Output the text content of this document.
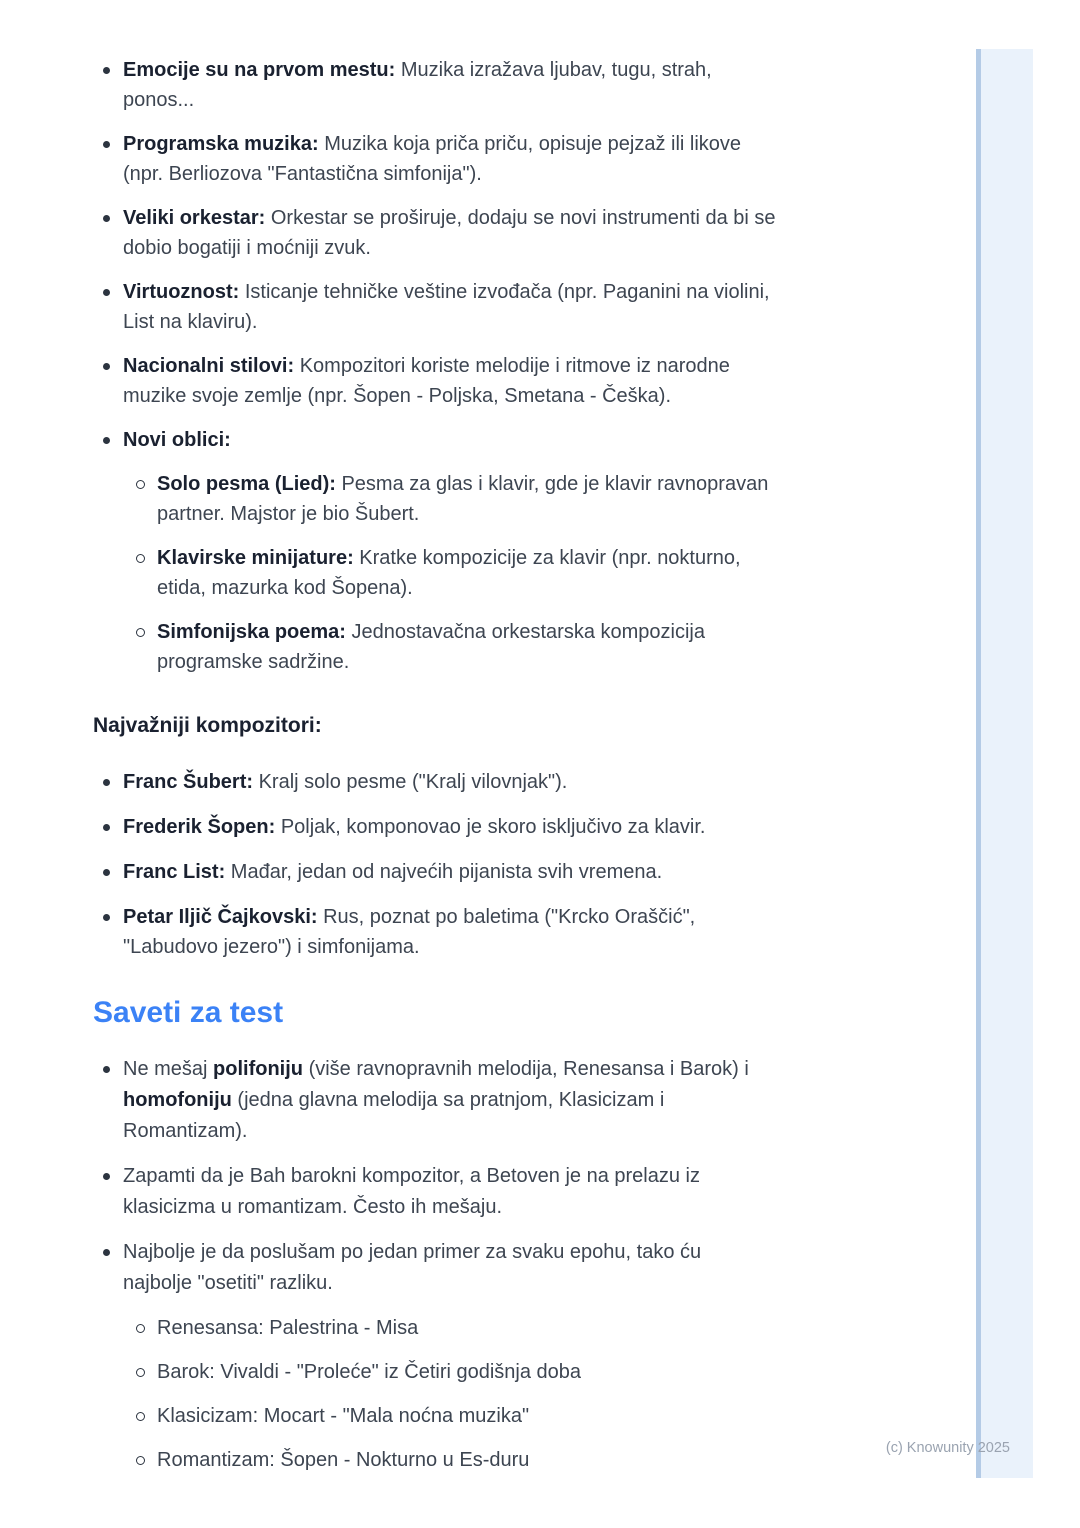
Emocije su na prvom mestu: Muzika izražava ljubav, tugu, strah,
ponos...
Programska muzika: Muzika koja priča priču, opisuje pejzaž ili likove
(npr. Berliozova "Fantastična simfonija").
Veliki orkestar: Orkestar se proširuje, dodaju se novi instrumenti da bi se
dobio bogatiji i moćniji zvuk.
Virtuoznost: Isticanje tehničke veštine izvođača (npr. Paganini na violini,
List na klaviru).
Nacionalni stilovi: Kompozitori koriste melodije i ritmove iz narodne
muzike svoje zemlje (npr. Šopen - Poljska, Smetana - Češka).
Novi oblici:
Solo pesma (Lied): Pesma za glas i klavir, gde je klavir ravnopravan
partner. Majstor je bio Šubert.
Klavirske minijature: Kratke kompozicije za klavir (npr. nokturno,
etida, mazurka kod Šopena).
Simfonijska poema: Jednostavačna orkestarska kompozicija
programske sadržine.
Najvažniji kompozitori:
Franc Šubert: Kralj solo pesme ("Kralj vilovnjak").
Frederik Šopen: Poljak, komponovao je skoro isključivo za klavir.
Franc List: Mađar, jedan od najvećih pijanista svih vremena.
Petar Iljič Čajkovski: Rus, poznat po baletima ("Krcko Oraščić",
"Labudovo jezero") i simfonijama.
Saveti za test
Ne mešaj polifoniju (više ravnopravnih melodija, Renesansa i Barok) i
homofoniju (jedna glavna melodija sa pratnjom, Klasicizam i
Romantizam).
Zapamti da je Bah barokni kompozitor, a Betoven je na prelazu iz
klasicizma u romantizam. Često ih mešaju.
Najbolje je da poslušam po jedan primer za svaku epohu, tako ću
najbolje "osetiti" razliku.
Renesansa: Palestrina - Misa
Barok: Vivaldi - "Proleće" iz Četiri godišnja doba
Klasicizam: Mocart - "Mala noćna muzika"
Romantizam: Šopen - Nokturno u Es-duru
(c) Knowunity 2025
